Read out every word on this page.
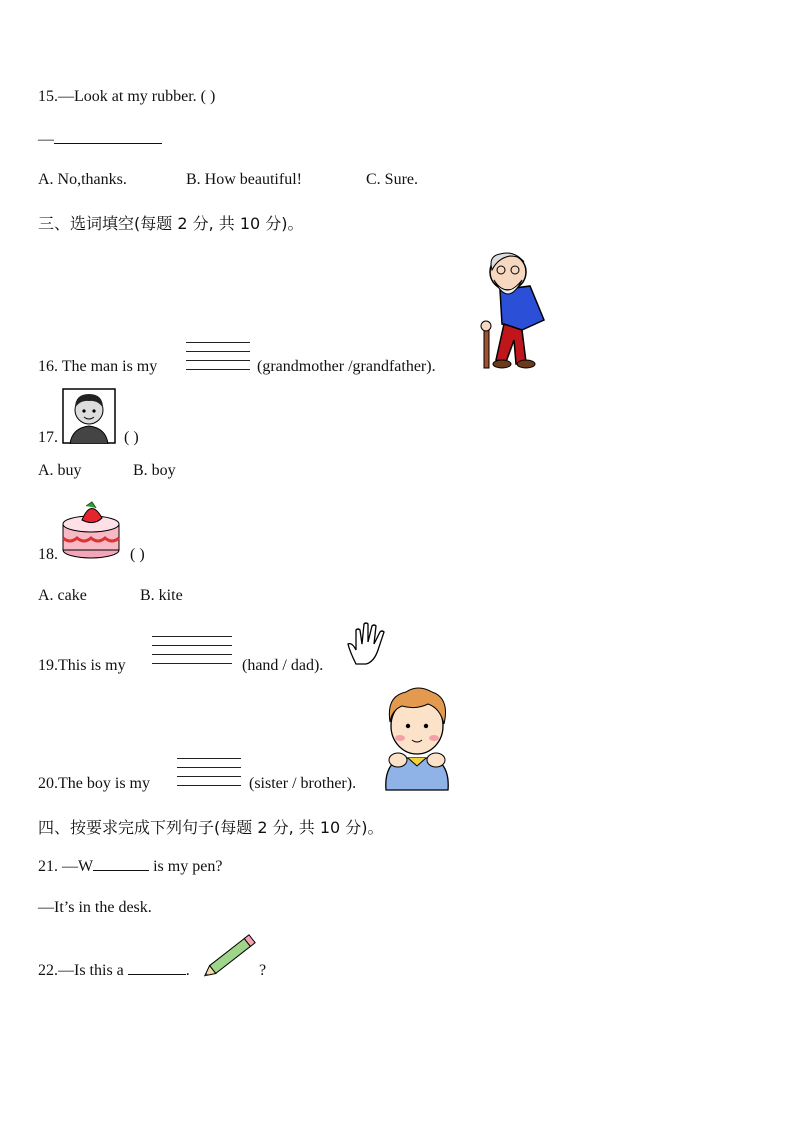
15.—Look at my rubber. ( )
—
A. No,thanks.	B. How beautiful!	C. Sure.
三、选词填空(每题 2 分, 共 10 分)。
16. The man is my	(grandmother /grandfather).
17.	( )
A. buy	B. boy
18.	( )
A. cake	B. kite
19.This is my	(hand / dad).
20.The boy is my	(sister / brother).
四、按要求完成下列句子(每题 2 分, 共 10 分)。
21. —W	is my pen?
—It’s in the desk.
22.—Is this a	.	?
